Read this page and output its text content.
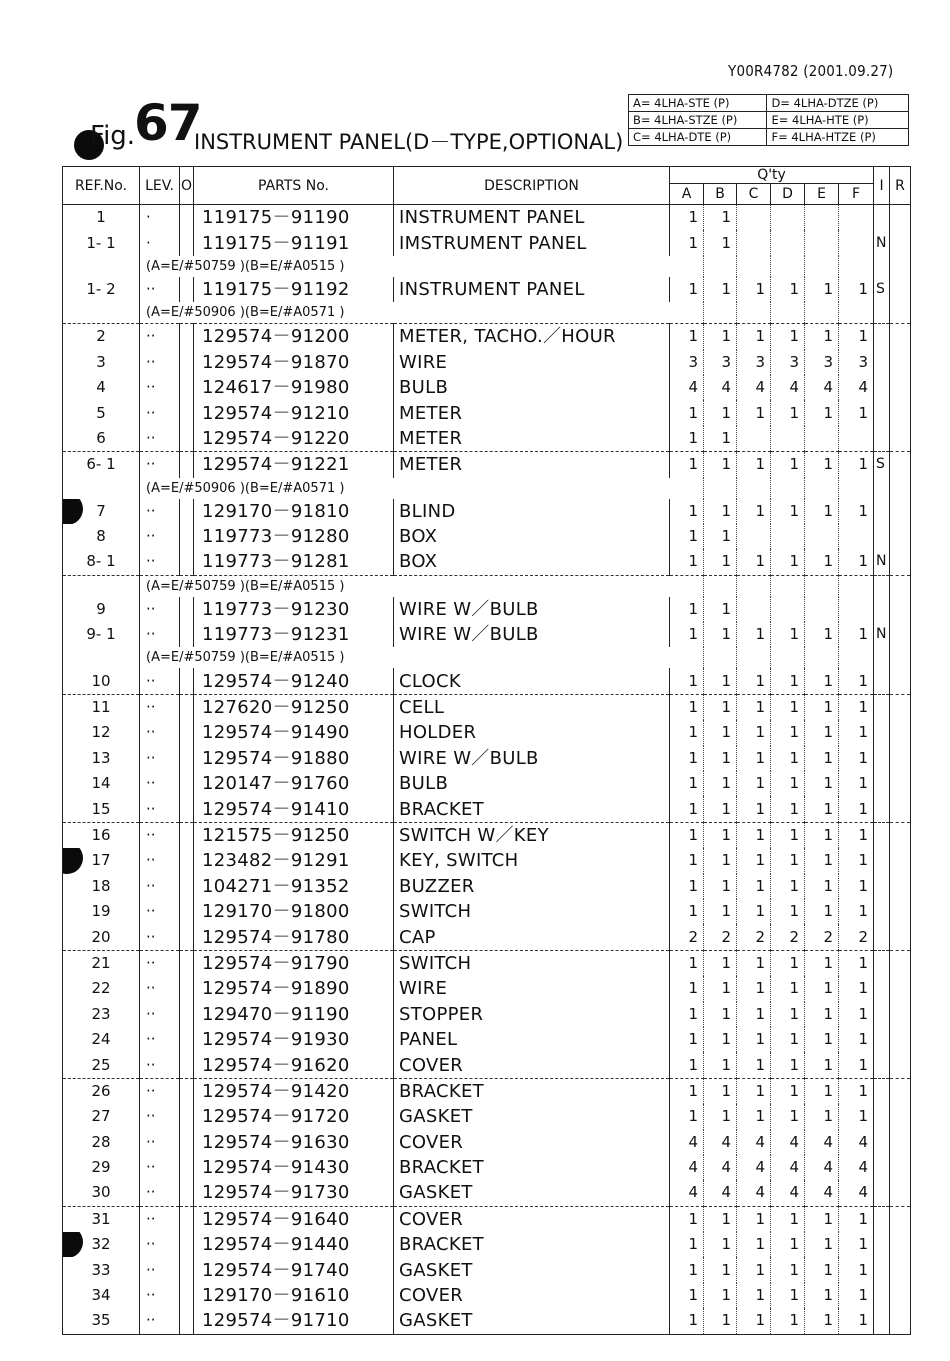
Y00R4782 (2001.09.27)
Fig.
67
INSTRUMENT PANEL(D－TYPE,OPTIONAL)
A= 4LHA-STE (P)	D= 4LHA-DTZE (P)
B= 4LHA-STZE (P)	E= 4LHA-HTE (P)
C= 4LHA-DTE (P)	F= 4LHA-HTZE (P)
REF.No.	LEV.	O	PARTS No.	DESCRIPTION	Q'ty						I	R
					A	B	C	D	E	F		
1	·		119175－91190	INSTRUMENT PANEL	1	1						
1- 1	·		119175－91191	IMSTRUMENT PANEL	1	1					N	
	(A=E/#50759 )(B=E/#A0515 )											
1- 2	··		119175－91192	INSTRUMENT PANEL	1	1	1	1	1	1	S	
	(A=E/#50906 )(B=E/#A0571 )											
2	··		129574－91200	METER, TACHO.／HOUR	1	1	1	1	1	1		
3	··		129574－91870	WIRE	3	3	3	3	3	3		
4	··		124617－91980	BULB	4	4	4	4	4	4		
5	··		129574－91210	METER	1	1	1	1	1	1		
6	··		129574－91220	METER	1	1						
6- 1	··		129574－91221	METER	1	1	1	1	1	1	S	
	(A=E/#50906 )(B=E/#A0571 )											
7	··		129170－91810	BLIND	1	1	1	1	1	1		
8	··		119773－91280	BOX	1	1						
8- 1	··		119773－91281	BOX	1	1	1	1	1	1	N	
	(A=E/#50759 )(B=E/#A0515 )											
9	··		119773－91230	WIRE W／BULB	1	1						
9- 1	··		119773－91231	WIRE W／BULB	1	1	1	1	1	1	N	
	(A=E/#50759 )(B=E/#A0515 )											
10	··		129574－91240	CLOCK	1	1	1	1	1	1		
11	··		127620－91250	CELL	1	1	1	1	1	1		
12	··		129574－91490	HOLDER	1	1	1	1	1	1		
13	··		129574－91880	WIRE W／BULB	1	1	1	1	1	1		
14	··		120147－91760	BULB	1	1	1	1	1	1		
15	··		129574－91410	BRACKET	1	1	1	1	1	1		
16	··		121575－91250	SWITCH W／KEY	1	1	1	1	1	1		
17	··		123482－91291	KEY, SWITCH	1	1	1	1	1	1		
18	··		104271－91352	BUZZER	1	1	1	1	1	1		
19	··		129170－91800	SWITCH	1	1	1	1	1	1		
20	··		129574－91780	CAP	2	2	2	2	2	2		
21	··		129574－91790	SWITCH	1	1	1	1	1	1		
22	··		129574－91890	WIRE	1	1	1	1	1	1		
23	··		129470－91190	STOPPER	1	1	1	1	1	1		
24	··		129574－91930	PANEL	1	1	1	1	1	1		
25	··		129574－91620	COVER	1	1	1	1	1	1		
26	··		129574－91420	BRACKET	1	1	1	1	1	1		
27	··		129574－91720	GASKET	1	1	1	1	1	1		
28	··		129574－91630	COVER	4	4	4	4	4	4		
29	··		129574－91430	BRACKET	4	4	4	4	4	4		
30	··		129574－91730	GASKET	4	4	4	4	4	4		
31	··		129574－91640	COVER	1	1	1	1	1	1		
32	··		129574－91440	BRACKET	1	1	1	1	1	1		
33	··		129574－91740	GASKET	1	1	1	1	1	1		
34	··		129170－91610	COVER	1	1	1	1	1	1		
35	··		129574－91710	GASKET	1	1	1	1	1	1		
